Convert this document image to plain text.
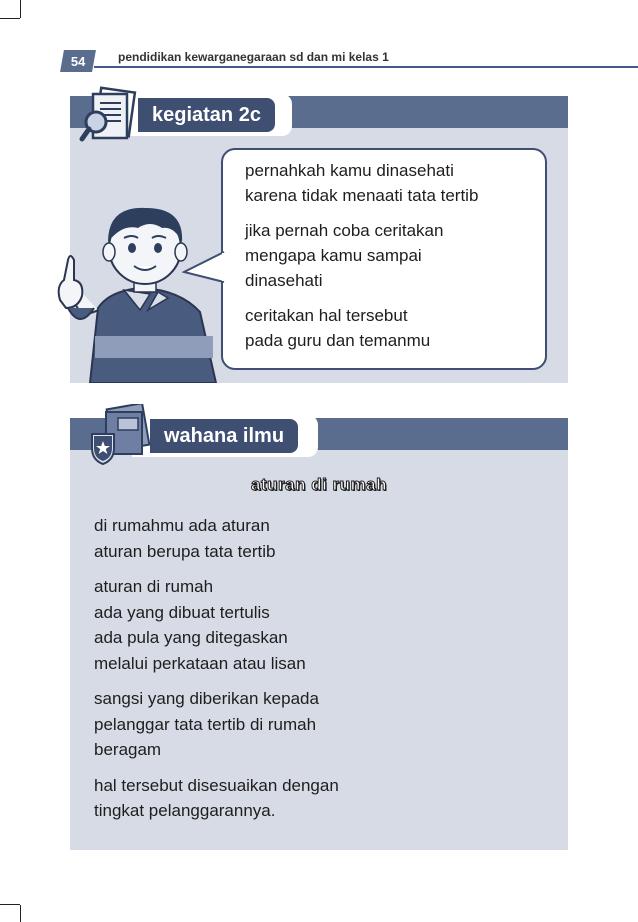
54	pendidikan kewarganegaraan sd dan mi kelas 1
kegiatan 2c

pernahkah kamu dinasehati
karena tidak menaati tata tertib

jika pernah coba ceritakan
mengapa kamu sampai
dinasehati

ceritakan hal tersebut
pada guru dan temanmu

wahana ilmu
aturan di rumah

di rumahmu ada aturan
aturan berupa tata tertib

aturan di rumah
ada yang dibuat tertulis
ada pula yang ditegaskan
melalui perkataan atau lisan

sangsi yang diberikan kepada
pelanggar tata tertib di rumah
beragam

hal tersebut disesuaikan dengan
tingkat pelanggarannya.
